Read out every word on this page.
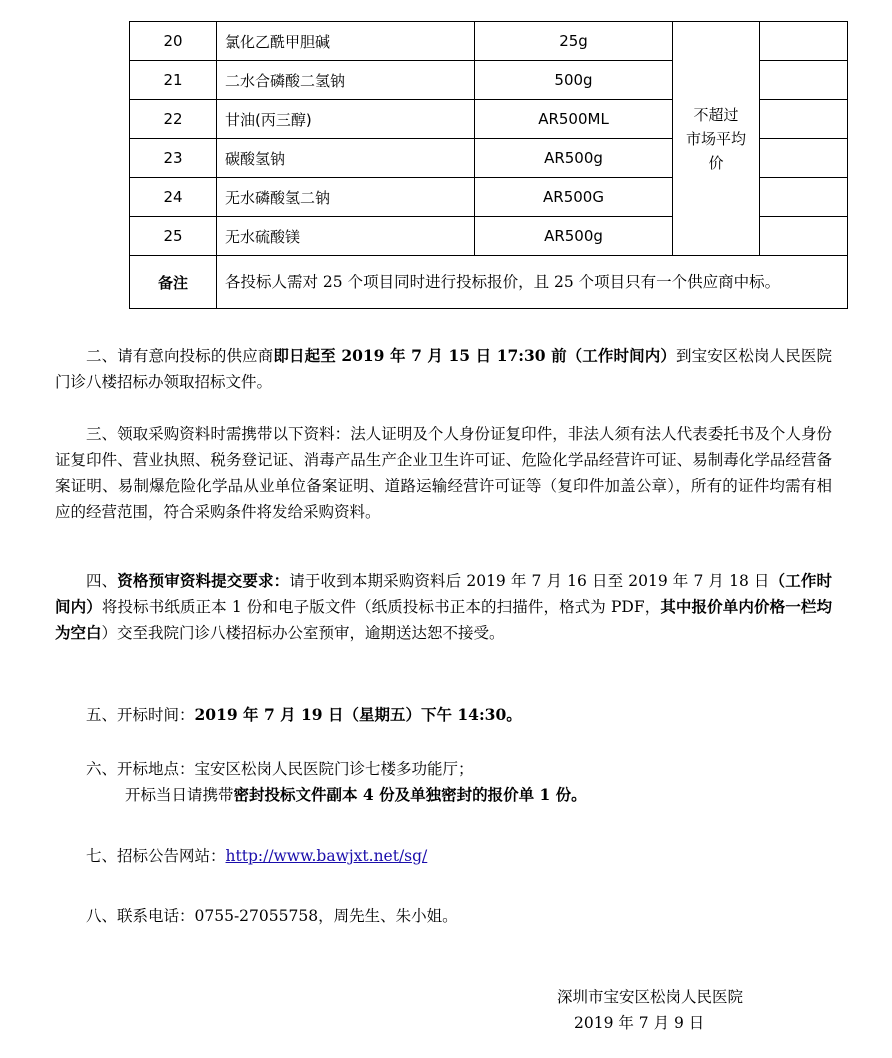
20	氯化乙酰甲胆碱	25g	不超过
市场平均
价	
21	二水合磷酸二氢钠	500g		
22	甘油(丙三醇)	AR500ML		
23	碳酸氢钠	AR500g		
24	无水磷酸氢二钠	AR500G		
25	无水硫酸镁	AR500g		
备注	各投标人需对 25 个项目同时进行投标报价，且 25 个项目只有一个供应商中标。			
二、请有意向投标的供应商即日起至 2019 年 7 月 15 日 17:30 前（工作时间内）到宝安区松岗人民医院门诊八楼招标办领取招标文件。
三、领取采购资料时需携带以下资料：法人证明及个人身份证复印件，非法人须有法人代表委托书及个人身份证复印件、营业执照、税务登记证、消毒产品生产企业卫生许可证、危险化学品经营许可证、易制毒化学品经营备案证明、易制爆危险化学品从业单位备案证明、道路运输经营许可证等（复印件加盖公章），所有的证件均需有相应的经营范围，符合采购条件将发给采购资料。
四、资格预审资料提交要求：请于收到本期采购资料后 2019 年 7 月 16 日至 2019 年 7 月 18 日（工作时间内）将投标书纸质正本 1 份和电子版文件（纸质投标书正本的扫描件，格式为 PDF，其中报价单内价格一栏均为空白）交至我院门诊八楼招标办公室预审，逾期送达恕不接受。
五、开标时间：2019 年 7 月 19 日（星期五）下午 14:30。
六、开标地点：宝安区松岗人民医院门诊七楼多功能厅；
开标当日请携带密封投标文件副本 4 份及单独密封的报价单 1 份。
七、招标公告网站：http://www.bawjxt.net/sg/
八、联系电话：0755-27055758，周先生、朱小姐。
深圳市宝安区松岗人民医院
2019 年 7 月 9 日
